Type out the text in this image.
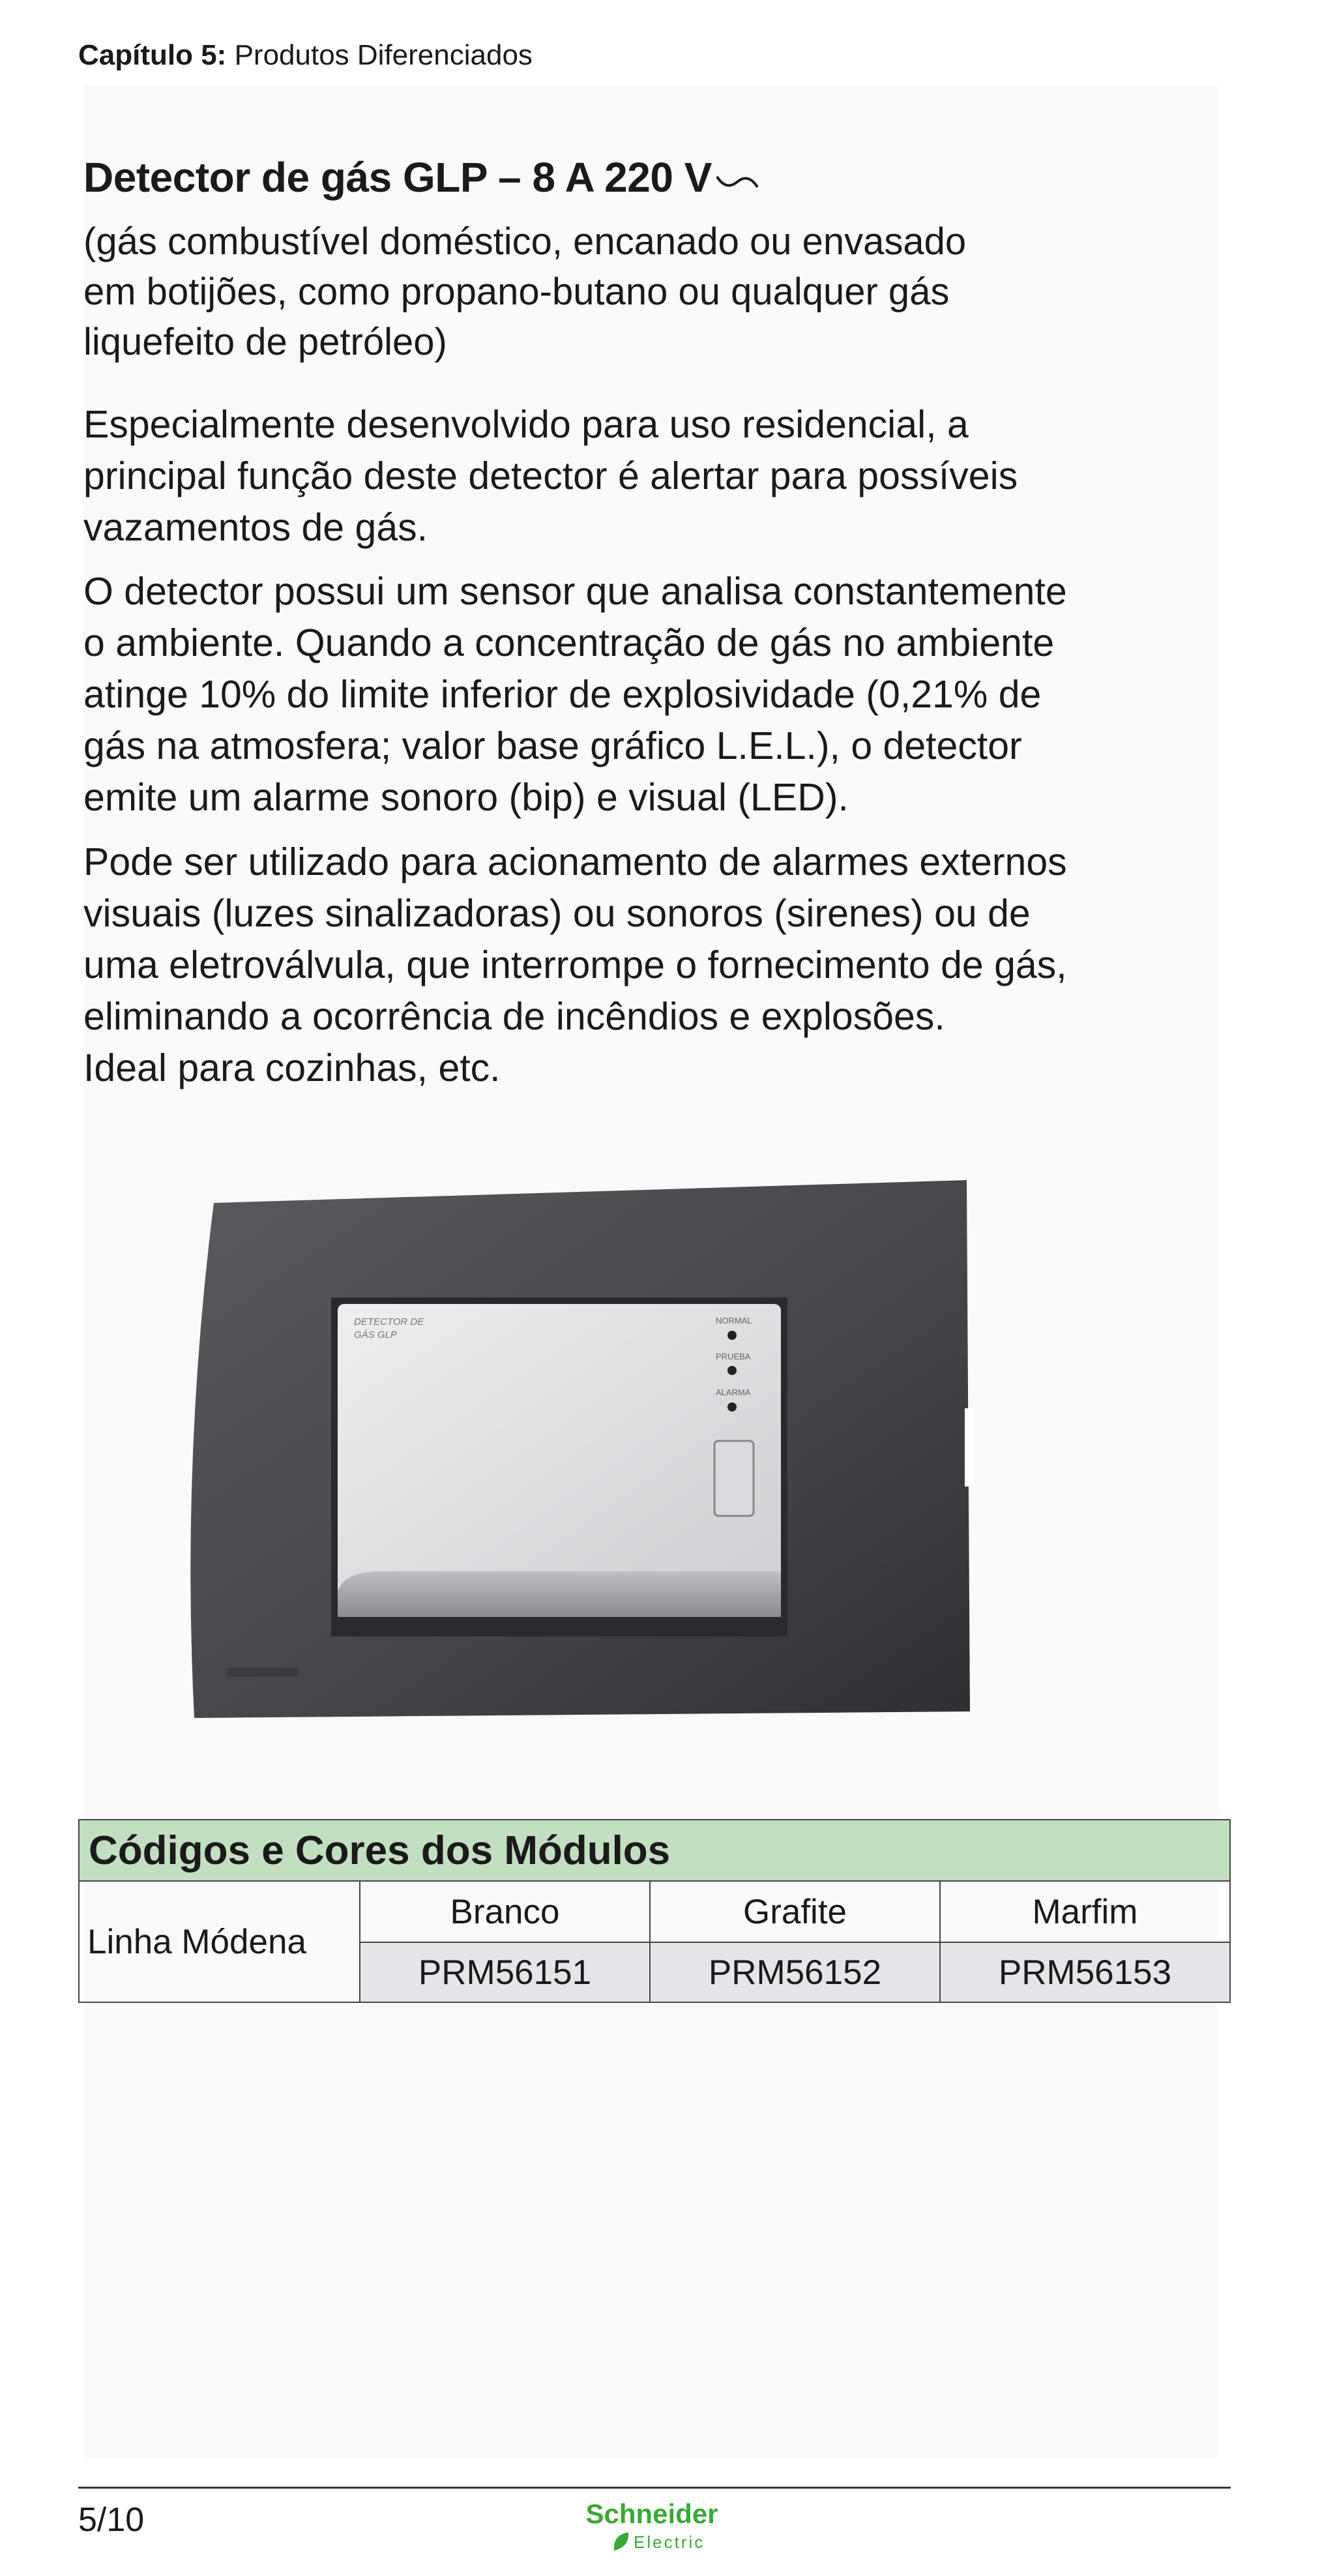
Capítulo 5: Produtos Diferenciados
Detector de gás GLP – 8 A 220 V
(gás combustível doméstico, encanado ou envasado
em botijões, como propano-butano ou qualquer gás
liquefeito de petróleo)
Especialmente desenvolvido para uso residencial, a
principal função deste detector é alertar para possíveis
vazamentos de gás.
O detector possui um sensor que analisa constantemente
o ambiente. Quando a concentração de gás no ambiente
atinge 10% do limite inferior de explosividade (0,21% de
gás na atmosfera; valor base gráfico L.E.L.), o detector
emite um alarme sonoro (bip) e visual (LED).
Pode ser utilizado para acionamento de alarmes externos
visuais (luzes sinalizadoras) ou sonoros (sirenes) ou de
uma eletroválvula, que interrompe o fornecimento de gás,
eliminando a ocorrência de incêndios e explosões.
Ideal para cozinhas, etc.
DETECTOR DE
GÁS GLP
NORMAL
PRUEBA
ALARMA
Códigos e Cores dos Módulos			
Linha Módena	Branco	Grafite	Marfim
	PRM56151	PRM56152	PRM56153
5/10	Schneider
Electric
